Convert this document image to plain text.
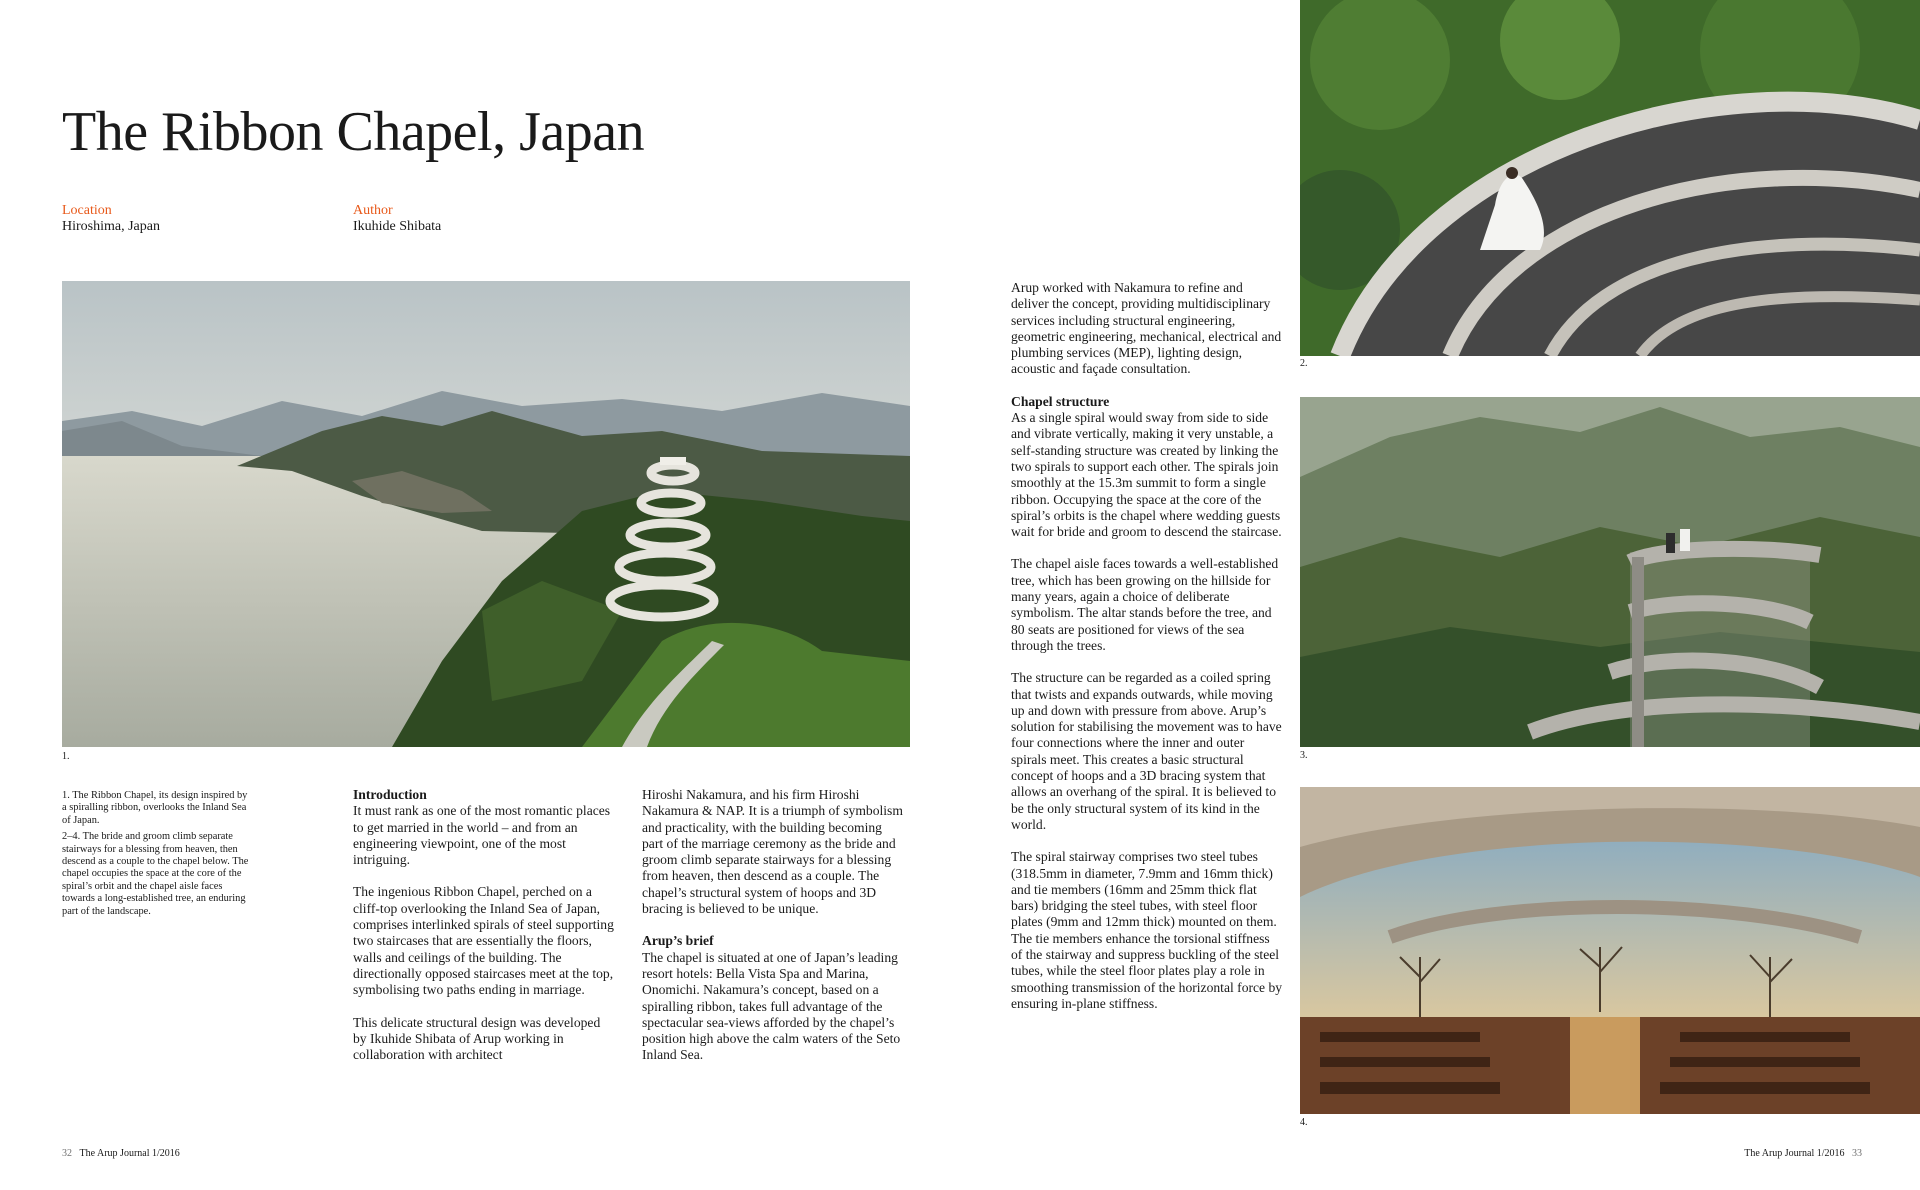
The Ribbon Chapel, Japan
Location
Hiroshima, Japan
Author
Ikuhide Shibata
1.

1. The Ribbon Chapel, its design inspired by a spiralling ribbon, overlooks the Inland Sea of Japan.

2–4. The bride and groom climb separate stairways for a blessing from heaven, then descend as a couple to the chapel below. The chapel occupies the space at the core of the spiral’s orbit and the chapel aisle faces towards a long-established tree, an enduring part of the landscape.

Introduction

It must rank as one of the most romantic places to get married in the world – and from an engineering viewpoint, one of the most intriguing.

The ingenious Ribbon Chapel, perched on a cliff-top overlooking the Inland Sea of Japan, comprises interlinked spirals of steel supporting two staircases that are essentially the floors, walls and ceilings of the building. The directionally opposed staircases meet at the top, symbolising two paths ending in marriage.

This delicate structural design was developed by Ikuhide Shibata of Arup working in collaboration with architect

Hiroshi Nakamura, and his firm Hiroshi Nakamura & NAP. It is a triumph of symbolism and practicality, with the building becoming part of the marriage ceremony as the bride and groom climb separate stairways for a blessing from heaven, then descend as a couple. The chapel’s structural system of hoops and 3D bracing is believed to be unique.

Arup’s brief

The chapel is situated at one of Japan’s leading resort hotels: Bella Vista Spa and Marina, Onomichi. Nakamura’s concept, based on a spiralling ribbon, takes full advantage of the spectacular sea-views afforded by the chapel’s position high above the calm waters of the Seto Inland Sea.

Arup worked with Nakamura to refine and deliver the concept, providing multidisciplinary services including structural engineering, geometric engineering, mechanical, electrical and plumbing services (MEP), lighting design, acoustic and façade consultation.

Chapel structure

As a single spiral would sway from side to side and vibrate vertically, making it very unstable, a self-standing structure was created by linking the two spirals to support each other. The spirals join smoothly at the 15.3m summit to form a single ribbon. Occupying the space at the core of the spiral’s orbits is the chapel where wedding guests wait for bride and groom to descend the staircase.

The chapel aisle faces towards a well-established tree, which has been growing on the hillside for many years, again a choice of deliberate symbolism. The altar stands before the tree, and 80 seats are positioned for views of the sea through the trees.

The structure can be regarded as a coiled spring that twists and expands outwards, while moving up and down with pressure from above. Arup’s solution for stabilising the movement was to have four connections where the inner and outer spirals meet. This creates a basic structural concept of hoops and a 3D bracing system that allows an overhang of the spiral. It is believed to be the only structural system of its kind in the world.

The spiral stairway comprises two steel tubes (318.5mm in diameter, 7.9mm and 16mm thick) and tie members (16mm and 25mm thick flat bars) bridging the steel tubes, with steel floor plates (9mm and 12mm thick) mounted on them. The tie members enhance the torsional stiffness of the stairway and suppress buckling of the steel tubes, while the steel floor plates play a role in smoothing transmission of the horizontal force by ensuring in-plane stiffness.

2.
3.
4.
32 The Arup Journal 1/2016	The Arup Journal 1/2016 33
